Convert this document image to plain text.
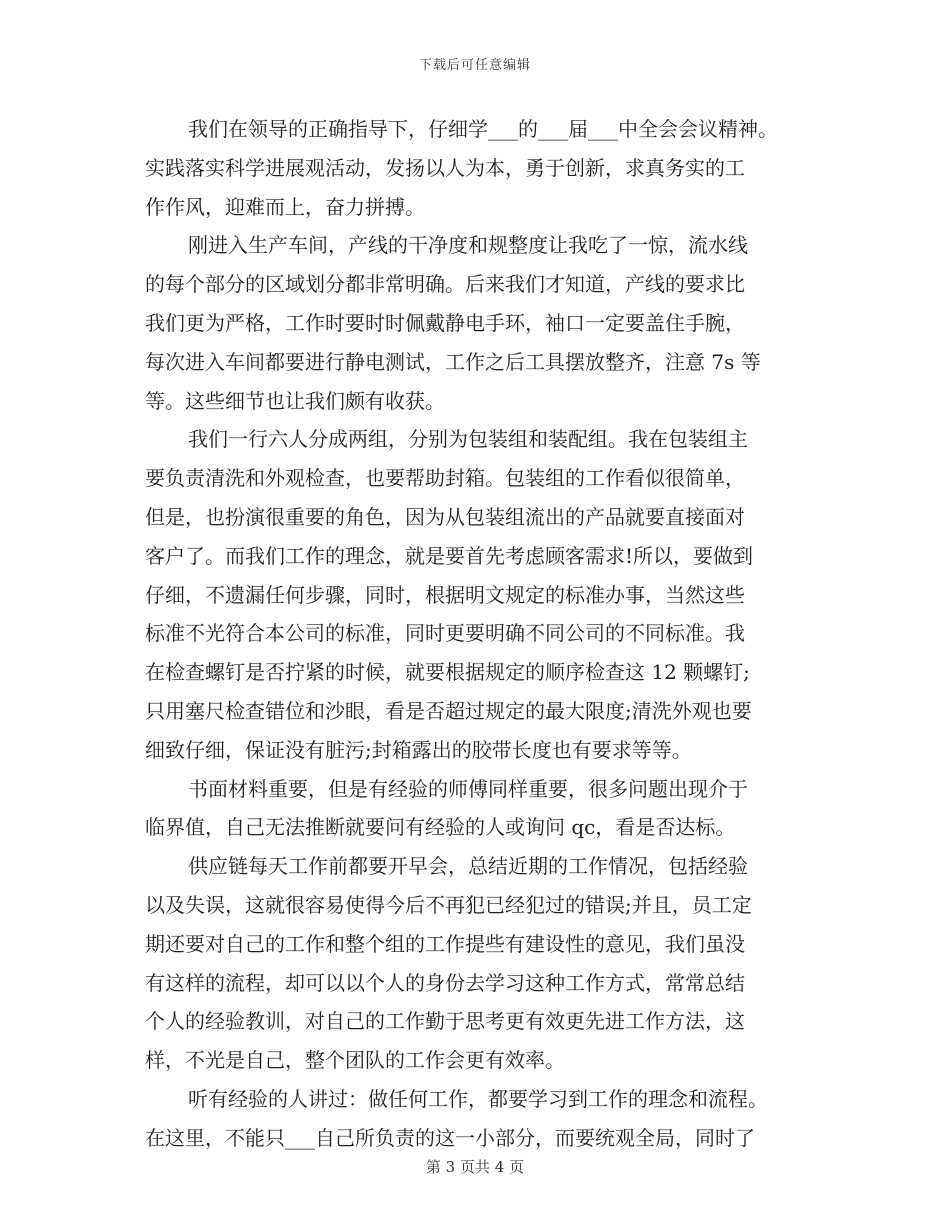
下载后可任意编辑
我们在领导的正确指导下，仔细学___的___届___中全会会议精神。
实践落实科学进展观活动，发扬以人为本，勇于创新，求真务实的工
作作风，迎难而上，奋力拼搏。
刚进入生产车间，产线的干净度和规整度让我吃了一惊，流水线
的每个部分的区域划分都非常明确。后来我们才知道，产线的要求比
我们更为严格，工作时要时时佩戴静电手环，袖口一定要盖住手腕，
每次进入车间都要进行静电测试，工作之后工具摆放整齐，注意 7s 等
等。这些细节也让我们颇有收获。
我们一行六人分成两组，分别为包装组和装配组。我在包装组主
要负责清洗和外观检查，也要帮助封箱。包装组的工作看似很简单，
但是，也扮演很重要的角色，因为从包装组流出的产品就要直接面对
客户了。而我们工作的理念，就是要首先考虑顾客需求!所以，要做到
仔细，不遗漏任何步骤，同时，根据明文规定的标准办事，当然这些
标准不光符合本公司的标准，同时更要明确不同公司的不同标准。我
在检查螺钉是否拧紧的时候，就要根据规定的顺序检查这 12 颗螺钉;
只用塞尺检查错位和沙眼，看是否超过规定的最大限度;清洗外观也要
细致仔细，保证没有脏污;封箱露出的胶带长度也有要求等等。
书面材料重要，但是有经验的师傅同样重要，很多问题出现介于
临界值，自己无法推断就要问有经验的人或询问 qc，看是否达标。
供应链每天工作前都要开早会，总结近期的工作情况，包括经验
以及失误，这就很容易使得今后不再犯已经犯过的错误;并且，员工定
期还要对自己的工作和整个组的工作提些有建设性的意见，我们虽没
有这样的流程，却可以以个人的身份去学习这种工作方式，常常总结
个人的经验教训，对自己的工作勤于思考更有效更先进工作方法，这
样，不光是自己，整个团队的工作会更有效率。
听有经验的人讲过：做任何工作，都要学习到工作的理念和流程。
在这里，不能只___自己所负责的这一小部分，而要统观全局，同时了
第 3 页共 4 页
